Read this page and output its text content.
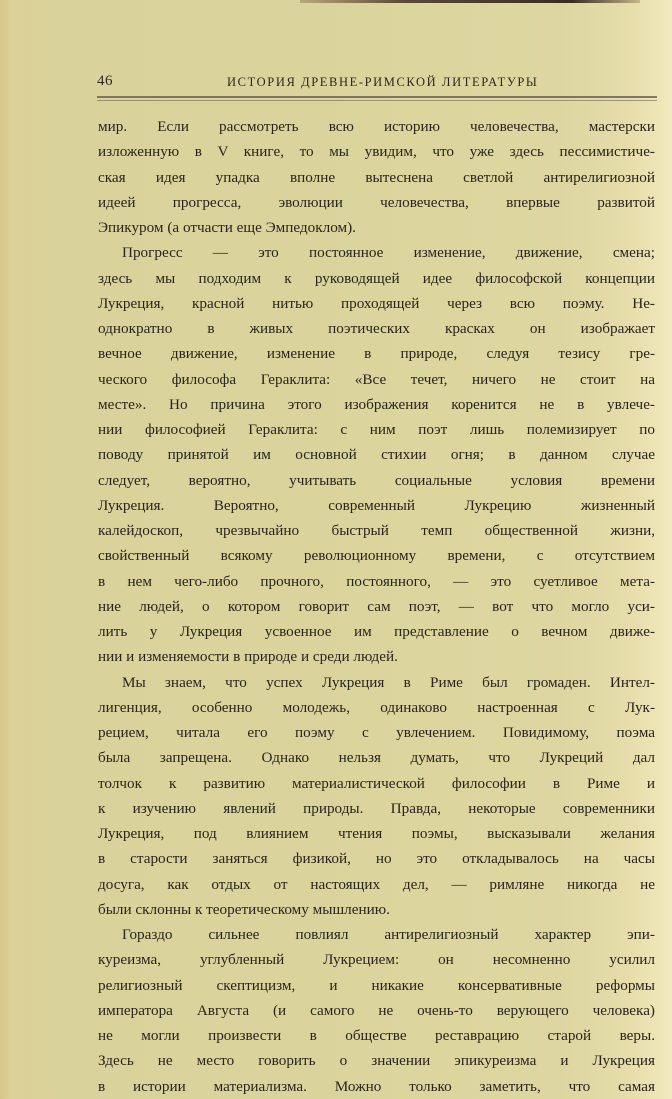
46	ИСТОРИЯ ДРЕВНЕ-РИМСКОЙ ЛИТЕРАТУРЫ
мир. Если рассмотреть всю историю человечества, мастерски
изложенную в V книге, то мы увидим, что уже здесь пессимистиче-
ская идея упадка вполне вытеснена светлой антирелигиозной
идеей прогресса, эволюции человечества, впервые развитой
Эпикуром (а отчасти еще Эмпедоклом).
Прогресс — это постоянное изменение, движение, смена;
здесь мы подходим к руководящей идее философской концепции
Лукреция, красной нитью проходящей через всю поэму. Не-
однократно в живых поэтических красках он изображает
вечное движение, изменение в природе, следуя тезису гре-
ческого философа Гераклита: «Все течет, ничего не стоит на
месте». Но причина этого изображения коренится не в увлече-
нии философией Гераклита: с ним поэт лишь полемизирует по
поводу принятой им основной стихии огня; в данном случае
следует, вероятно, учитывать социальные условия времени
Лукреция. Вероятно, современный Лукрецию жизненный
калейдоскоп, чрезвычайно быстрый темп общественной жизни,
свойственный всякому революционному времени, с отсутствием
в нем чего-либо прочного, постоянного, — это суетливое мета-
ние людей, о котором говорит сам поэт, — вот что могло уси-
лить у Лукреция усвоенное им представление о вечном движе-
нии и изменяемости в природе и среди людей.
Мы знаем, что успех Лукреция в Риме был громаден. Интел-
лигенция, особенно молодежь, одинаково настроенная с Лук-
рецием, читала его поэму с увлечением. Повидимому, поэма
была запрещена. Однако нельзя думать, что Лукреций дал
толчок к развитию материалистической философии в Риме и
к изучению явлений природы. Правда, некоторые современники
Лукреция, под влиянием чтения поэмы, высказывали желания
в старости заняться физикой, но это откладывалось на часы
досуга, как отдых от настоящих дел, — римляне никогда не
были склонны к теоретическому мышлению.
Гораздо сильнее повлиял антирелигиозный характер эпи-
куреизма, углубленный Лукрецием: он несомненно усилил
религиозный скептицизм, и никакие консервативные реформы
императора Августа (и самого не очень-то верующего человека)
не могли произвести в обществе реставрацию старой веры.
Здесь не место говорить о значении эпикуреизма и Лукреция
в истории материализма. Можно только заметить, что самая
